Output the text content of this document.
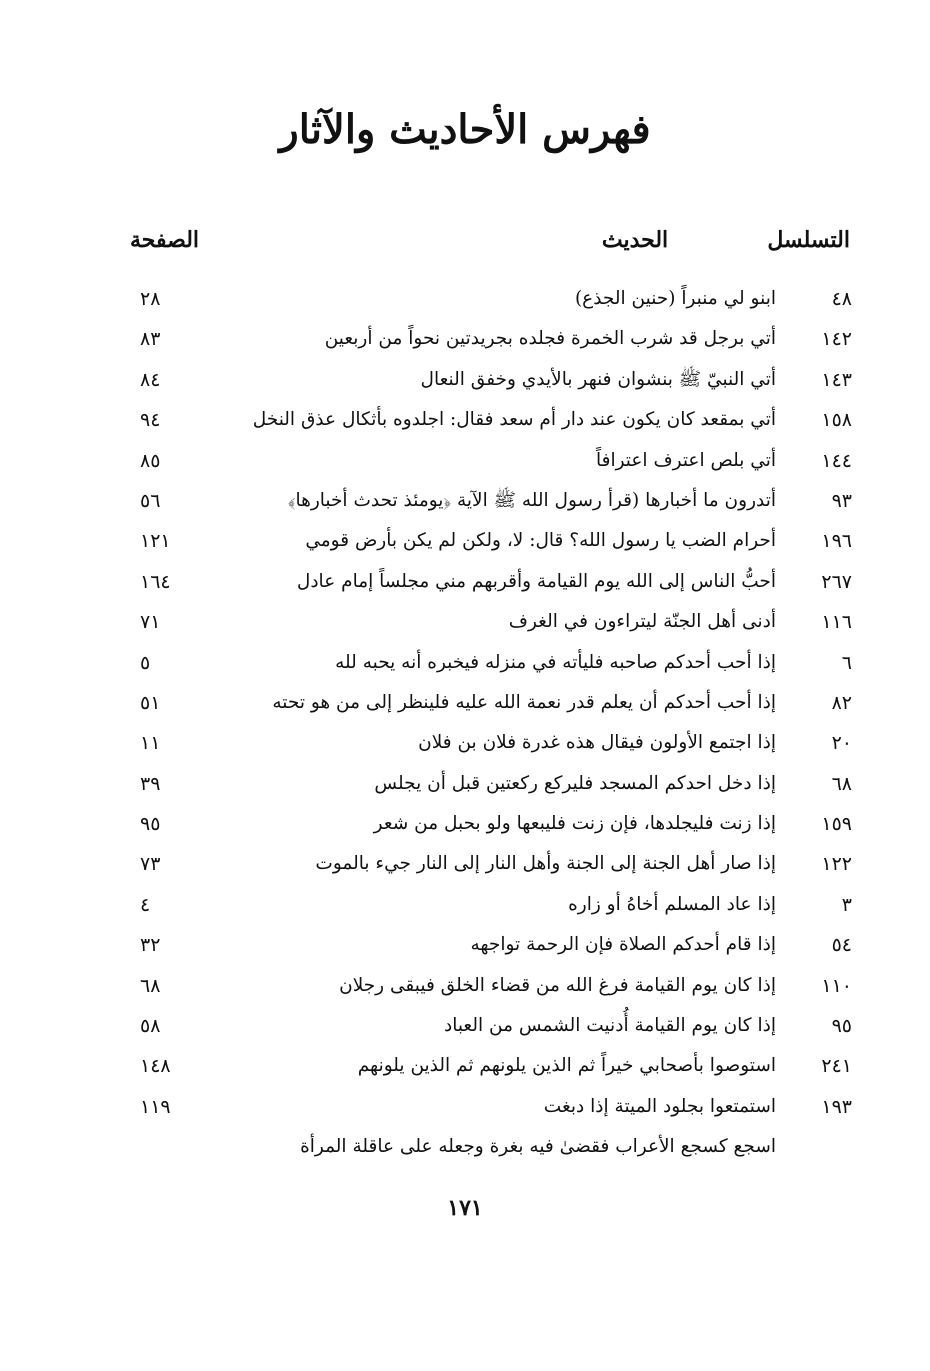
فهرس الأحاديث والآثار
التسلسل
الحديث
الصفحة
٤٨
ابنو لي منبراً (حنين الجذع)
٢٨
١٤٢
أتي برجل قد شرب الخمرة فجلده بجريدتين نحواً من أربعين
٨٣
١٤٣
أتي النبيّ ﷺ بنشوان فنهر بالأيدي وخفق النعال
٨٤
١٥٨
أتي بمقعد كان يكون عند دار أم سعد فقال: اجلدوه بأثكال عذق النخل
٩٤
١٤٤
أتي بلص اعترف اعترافاً
٨٥
٩٣
أتدرون ما أخبارها (قرأ رسول الله ﷺ الآية ﴿يومئذ تحدث أخبارها﴾
٥٦
١٩٦
أحرام الضب يا رسول الله؟ قال: لا، ولكن لم يكن بأرض قومي
١٢١
٢٦٧
أحبُّ الناس إلى الله يوم القيامة وأقربهم مني مجلساً إمام عادل
١٦٤
١١٦
أدنى أهل الجنّة ليتراءون في الغرف
٧١
٦
إذا أحب أحدكم صاحبه فليأته في منزله فيخبره أنه يحبه لله
٥
٨٢
إذا أحب أحدكم أن يعلم قدر نعمة الله عليه فلينظر إلى من هو تحته
٥١
٢٠
إذا اجتمع الأولون فيقال هذه غدرة فلان بن فلان
١١
٦٨
إذا دخل احدكم المسجد فليركع ركعتين قبل أن يجلس
٣٩
١٥٩
إذا زنت فليجلدها، فإن زنت فليبعها ولو بحبل من شعر
٩٥
١٢٢
إذا صار أهل الجنة إلى الجنة وأهل النار إلى النار جيء بالموت
٧٣
٣
إذا عاد المسلم أخاهُ أو زاره
٤
٥٤
إذا قام أحدكم الصلاة فإن الرحمة تواجهه
٣٢
١١٠
إذا كان يوم القيامة فرغ الله من قضاء الخلق فيبقى رجلان
٦٨
٩٥
إذا كان يوم القيامة أُدنيت الشمس من العباد
٥٨
٢٤١
استوصوا بأصحابي خيراً ثم الذين يلونهم ثم الذين يلونهم
١٤٨
١٩٣
استمتعوا بجلود الميتة إذا دبغت
١١٩
اسجع كسجع الأعراب فقضىٰ فيه بغرة وجعله على عاقلة المرأة
١٧١
